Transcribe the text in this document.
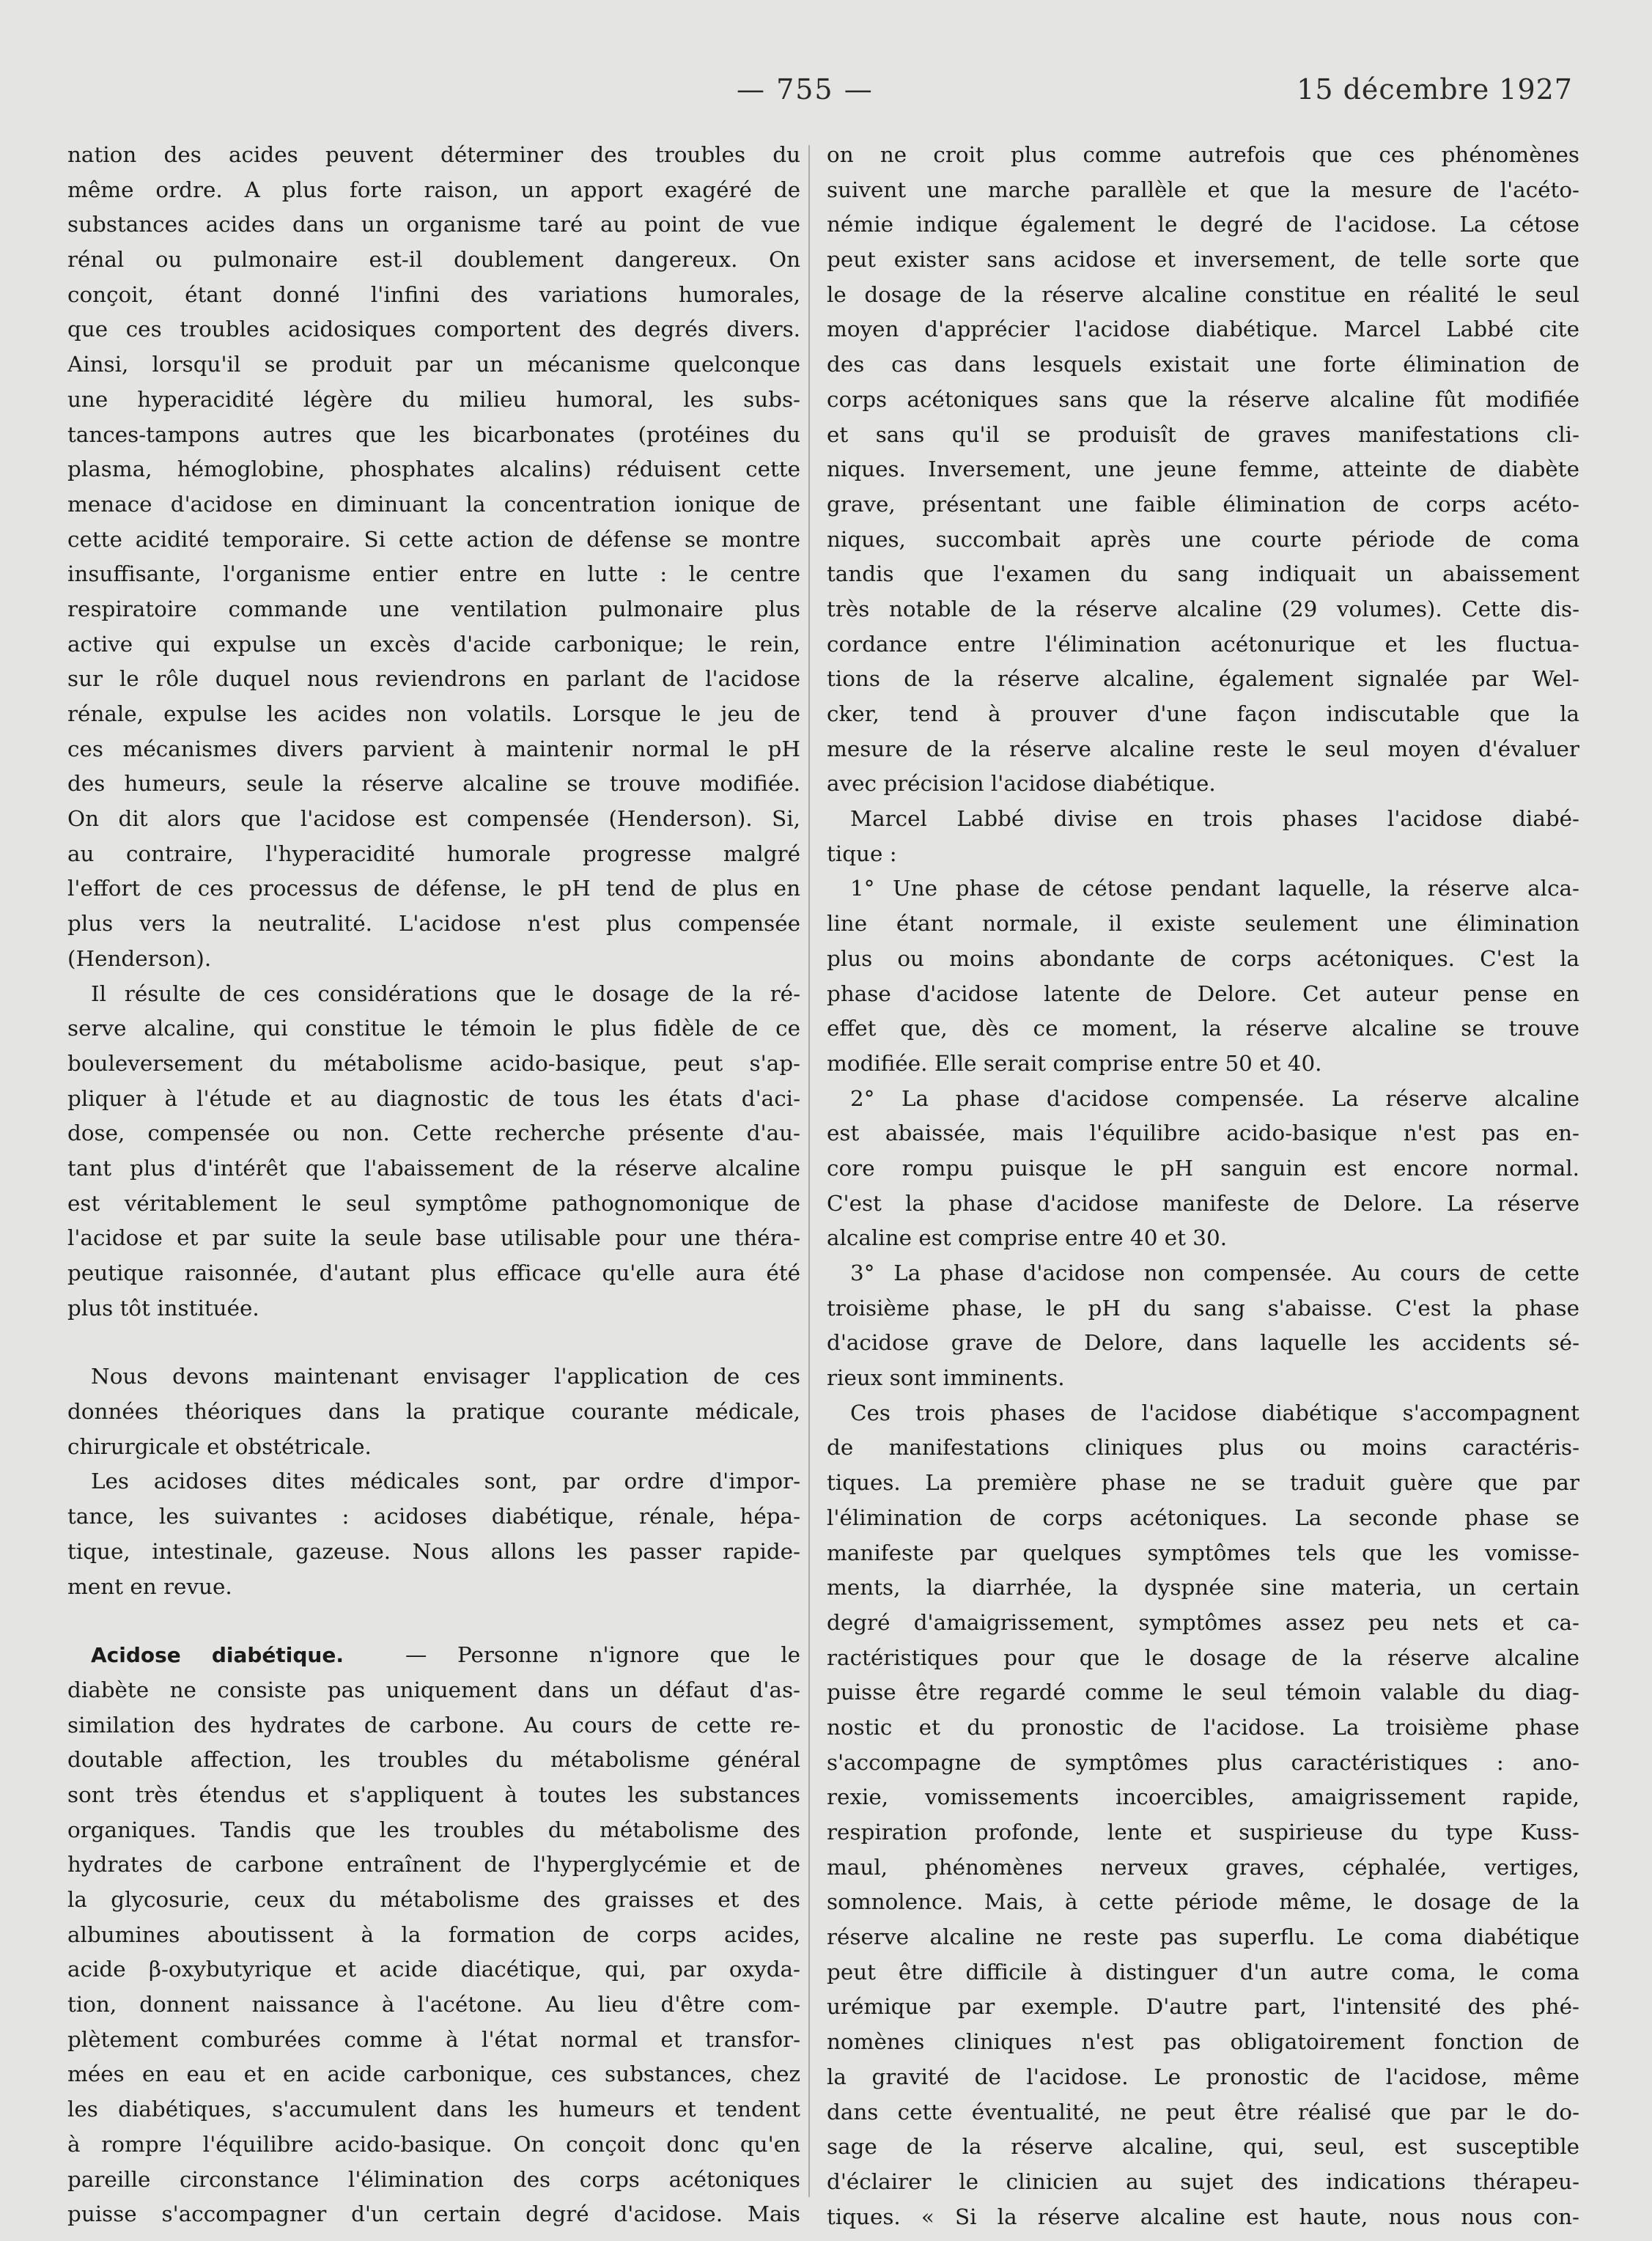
— 755 —	15 décembre 1927
nation des acides peuvent déterminer des troubles du
même ordre. A plus forte raison, un apport exagéré de
substances acides dans un organisme taré au point de vue
rénal ou pulmonaire est-il doublement dangereux. On
conçoit, étant donné l'infini des variations humorales,
que ces troubles acidosiques comportent des degrés divers.
Ainsi, lorsqu'il se produit par un mécanisme quelconque
une hyperacidité légère du milieu humoral, les subs-
tances-tampons autres que les bicarbonates (protéines du
plasma, hémoglobine, phosphates alcalins) réduisent cette
menace d'acidose en diminuant la concentration ionique de
cette acidité temporaire. Si cette action de défense se montre
insuffisante, l'organisme entier entre en lutte : le centre
respiratoire commande une ventilation pulmonaire plus
active qui expulse un excès d'acide carbonique; le rein,
sur le rôle duquel nous reviendrons en parlant de l'acidose
rénale, expulse les acides non volatils. Lorsque le jeu de
ces mécanismes divers parvient à maintenir normal le pH
des humeurs, seule la réserve alcaline se trouve modifiée.
On dit alors que l'acidose est compensée (Henderson). Si,
au contraire, l'hyperacidité humorale progresse malgré
l'effort de ces processus de défense, le pH tend de plus en
plus vers la neutralité. L'acidose n'est plus compensée
(Henderson).
Il résulte de ces considérations que le dosage de la ré-
serve alcaline, qui constitue le témoin le plus fidèle de ce
bouleversement du métabolisme acido-basique, peut s'ap-
pliquer à l'étude et au diagnostic de tous les états d'aci-
dose, compensée ou non. Cette recherche présente d'au-
tant plus d'intérêt que l'abaissement de la réserve alcaline
est véritablement le seul symptôme pathognomonique de
l'acidose et par suite la seule base utilisable pour une théra-
peutique raisonnée, d'autant plus efficace qu'elle aura été
plus tôt instituée.
Nous devons maintenant envisager l'application de ces
données théoriques dans la pratique courante médicale,
chirurgicale et obstétricale.
Les acidoses dites médicales sont, par ordre d'impor-
tance, les suivantes : acidoses diabétique, rénale, hépa-
tique, intestinale, gazeuse. Nous allons les passer rapide-
ment en revue.
Acidose diabétique.	— Personne n'ignore que le
diabète ne consiste pas uniquement dans un défaut d'as-
similation des hydrates de carbone. Au cours de cette re-
doutable affection, les troubles du métabolisme général
sont très étendus et s'appliquent à toutes les substances
organiques. Tandis que les troubles du métabolisme des
hydrates de carbone entraînent de l'hyperglycémie et de
la glycosurie, ceux du métabolisme des graisses et des
albumines aboutissent à la formation de corps acides,
acide β-oxybutyrique et acide diacétique, qui, par oxyda-
tion, donnent naissance à l'acétone. Au lieu d'être com-
plètement comburées comme à l'état normal et transfor-
mées en eau et en acide carbonique, ces substances, chez
les diabétiques, s'accumulent dans les humeurs et tendent
à rompre l'équilibre acido-basique. On conçoit donc qu'en
pareille circonstance l'élimination des corps acétoniques
puisse s'accompagner d'un certain degré d'acidose. Mais
on ne croit plus comme autrefois que ces phénomènes
suivent une marche parallèle et que la mesure de l'acéto-
némie indique également le degré de l'acidose. La cétose
peut exister sans acidose et inversement, de telle sorte que
le dosage de la réserve alcaline constitue en réalité le seul
moyen d'apprécier l'acidose diabétique. Marcel Labbé cite
des cas dans lesquels existait une forte élimination de
corps acétoniques sans que la réserve alcaline fût modifiée
et sans qu'il se produisît de graves manifestations cli-
niques. Inversement, une jeune femme, atteinte de diabète
grave, présentant une faible élimination de corps acéto-
niques, succombait après une courte période de coma
tandis que l'examen du sang indiquait un abaissement
très notable de la réserve alcaline (29 volumes). Cette dis-
cordance entre l'élimination acétonurique et les fluctua-
tions de la réserve alcaline, également signalée par Wel-
cker, tend à prouver d'une façon indiscutable que la
mesure de la réserve alcaline reste le seul moyen d'évaluer
avec précision l'acidose diabétique.
Marcel Labbé divise en trois phases l'acidose diabé-
tique :
1° Une phase de cétose pendant laquelle, la réserve alca-
line étant normale, il existe seulement une élimination
plus ou moins abondante de corps acétoniques. C'est la
phase d'acidose latente de Delore. Cet auteur pense en
effet que, dès ce moment, la réserve alcaline se trouve
modifiée. Elle serait comprise entre 50 et 40.
2° La phase d'acidose compensée. La réserve alcaline
est abaissée, mais l'équilibre acido-basique n'est pas en-
core rompu puisque le pH sanguin est encore normal.
C'est la phase d'acidose manifeste de Delore. La réserve
alcaline est comprise entre 40 et 30.
3° La phase d'acidose non compensée. Au cours de cette
troisième phase, le pH du sang s'abaisse. C'est la phase
d'acidose grave de Delore, dans laquelle les accidents sé-
rieux sont imminents.
Ces trois phases de l'acidose diabétique s'accompagnent
de manifestations cliniques plus ou moins caractéris-
tiques. La première phase ne se traduit guère que par
l'élimination de corps acétoniques. La seconde phase se
manifeste par quelques symptômes tels que les vomisse-
ments, la diarrhée, la dyspnée sine materia, un certain
degré d'amaigrissement, symptômes assez peu nets et ca-
ractéristiques pour que le dosage de la réserve alcaline
puisse être regardé comme le seul témoin valable du diag-
nostic et du pronostic de l'acidose. La troisième phase
s'accompagne de symptômes plus caractéristiques : ano-
rexie, vomissements incoercibles, amaigrissement rapide,
respiration profonde, lente et suspirieuse du type Kuss-
maul, phénomènes nerveux graves, céphalée, vertiges,
somnolence. Mais, à cette période même, le dosage de la
réserve alcaline ne reste pas superflu. Le coma diabétique
peut être difficile à distinguer d'un autre coma, le coma
urémique par exemple. D'autre part, l'intensité des phé-
nomènes cliniques n'est pas obligatoirement fonction de
la gravité de l'acidose. Le pronostic de l'acidose, même
dans cette éventualité, ne peut être réalisé que par le do-
sage de la réserve alcaline, qui, seul, est susceptible
d'éclairer le clinicien au sujet des indications thérapeu-
tiques. « Si la réserve alcaline est haute, nous nous con-
